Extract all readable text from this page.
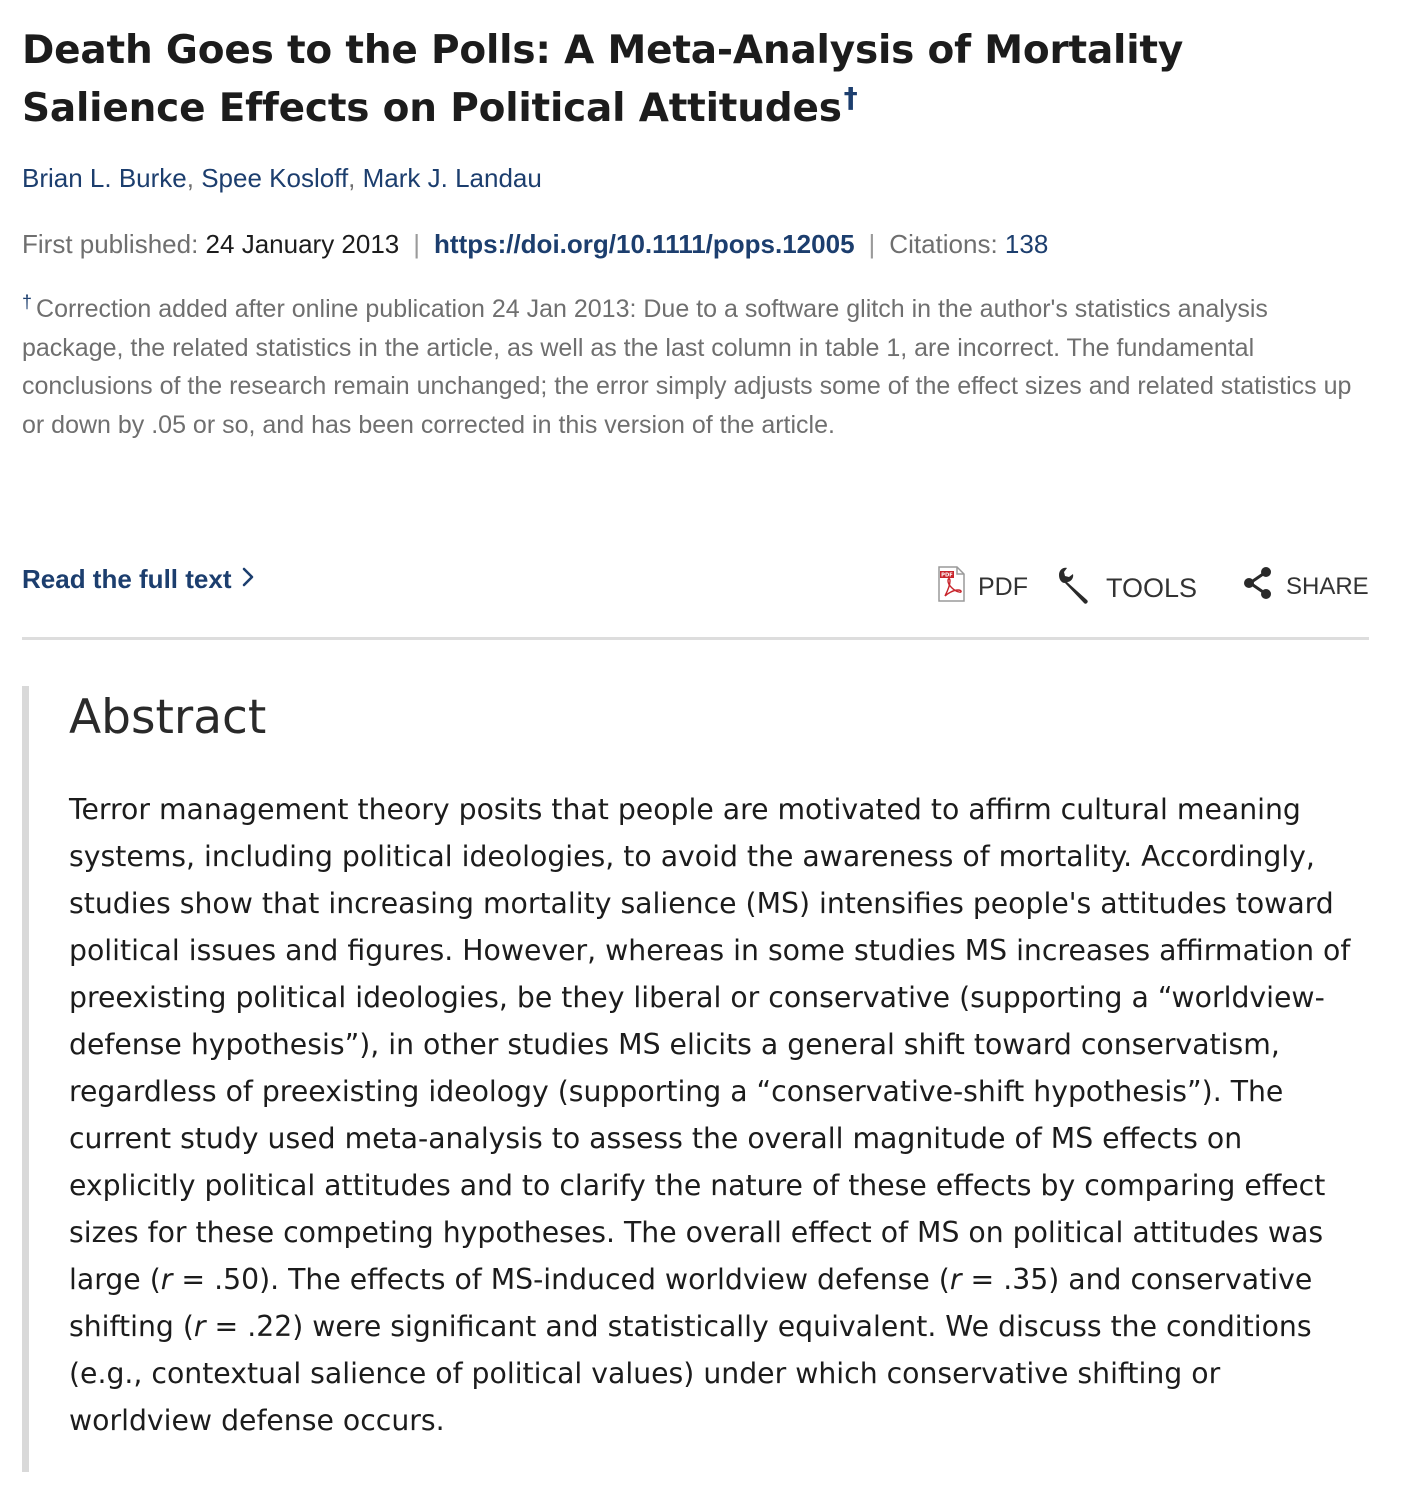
Death Goes to the Polls: A Meta-Analysis of Mortality Salience Effects on Political Attitudes†
Brian L. Burke, Spee Kosloff, Mark J. Landau
First published: 24 January 2013 | https://doi.org/10.1111/pops.12005 | Citations: 138
† Correction added after online publication 24 Jan 2013: Due to a software glitch in the author's statistics analysis package, the related statistics in the article, as well as the last column in table 1, are incorrect. The fundamental conclusions of the research remain unchanged; the error simply adjusts some of the effect sizes and related statistics up or down by .05 or so, and has been corrected in this version of the article.
Read the full text	PDF PDF	TOOLS	SHARE
Abstract
Terror management theory posits that people are motivated to affirm cultural meaning systems, including political ideologies, to avoid the awareness of mortality. Accordingly, studies show that increasing mortality salience (MS) intensifies people's attitudes toward political issues and figures. However, whereas in some studies MS increases affirmation of preexisting political ideologies, be they liberal or conservative (supporting a “worldview-defense hypothesis”), in other studies MS elicits a general shift toward conservatism, regardless of preexisting ideology (supporting a “conservative-shift hypothesis”). The current study used meta-analysis to assess the overall magnitude of MS effects on explicitly political attitudes and to clarify the nature of these effects by comparing effect sizes for these competing hypotheses. The overall effect of MS on political attitudes was large (r = .50). The effects of MS-induced worldview defense (r = .35) and conservative shifting (r = .22) were significant and statistically equivalent. We discuss the conditions (e.g., contextual salience of political values) under which conservative shifting or worldview defense occurs.
